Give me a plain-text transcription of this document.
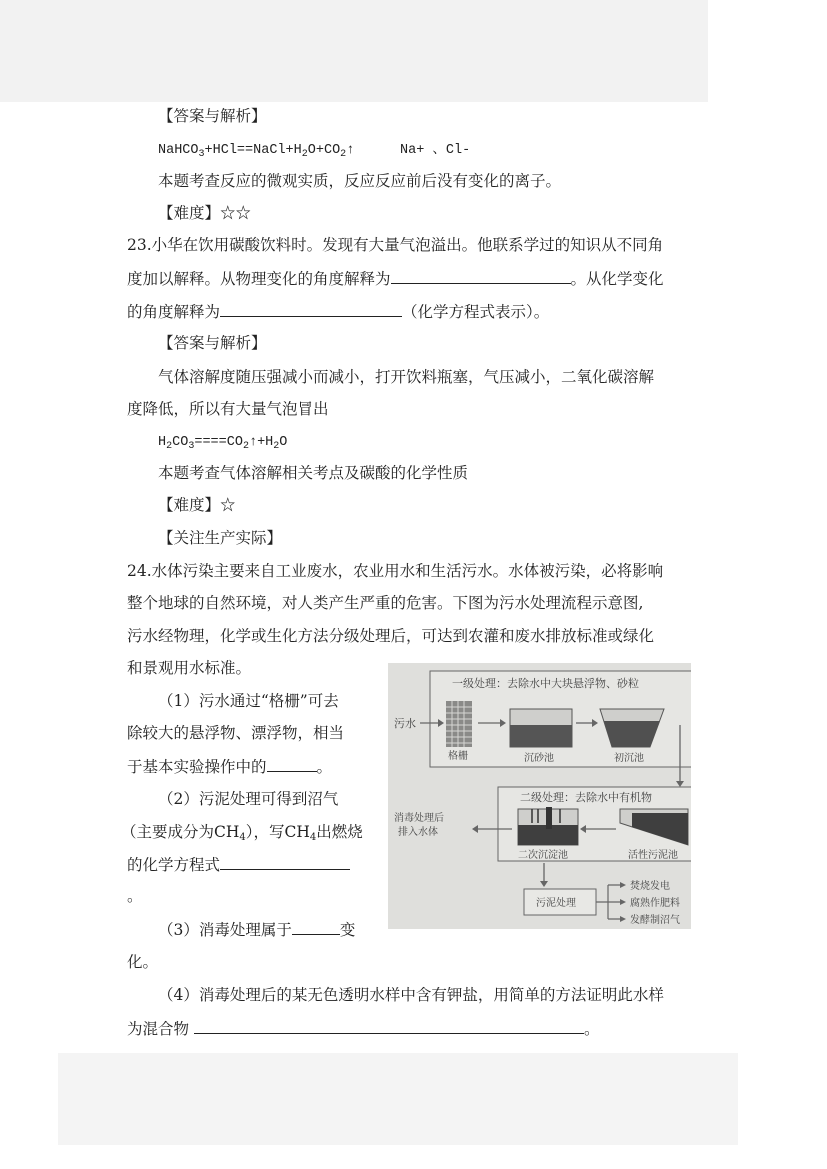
【答案与解析】
$NaHCO_3+HCl==NaCl+H_2O+CO_2↑$	Na+ 、Cl-
本题考查反应的微观实质，反应反应前后没有变化的离子。
【难度】☆☆
23.小华在饮用碳酸饮料时。发现有大量气泡溢出。他联系学过的知识从不同角
度加以解释。从物理变化的角度解释为	。从化学变化
的角度解释为	（化学方程式表示）。
【答案与解析】
气体溶解度随压强减小而减小，打开饮料瓶塞，气压减小，二氧化碳溶解
度降低，所以有大量气泡冒出
$H_2CO_3====CO_2↑+H_2O$
本题考查气体溶解相关考点及碳酸的化学性质
【难度】☆
【关注生产实际】
24.水体污染主要来自工业废水，农业用水和生活污水。水体被污染，必将影响
整个地球的自然环境，对人类产生严重的危害。下图为污水处理流程示意图,
污水经物理，化学或生化方法分级处理后，可达到农灌和废水排放标准或绿化
和景观用水标准。
（1）污水通过“格栅”可去
除较大的悬浮物、漂浮物，相当
于基本实验操作中的	。
（2）污泥处理可得到沼气
（主要成分为$CH_4$），写$CH_4$出燃烧
的化学方程式
。
（3）消毒处理属于	变
化。
（4）消毒处理后的某无色透明水样中含有钾盐，用简单的方法证明此水样
为混合物	。
一级处理：去除水中大块悬浮物、砂粒
污水
格栅	沉砂池	初沉池
二级处理：去除水中有机物
二次沉淀池	活性污泥池
消毒处理后
排入水体
污泥处理
焚烧发电
腐熟作肥料
发酵制沼气
